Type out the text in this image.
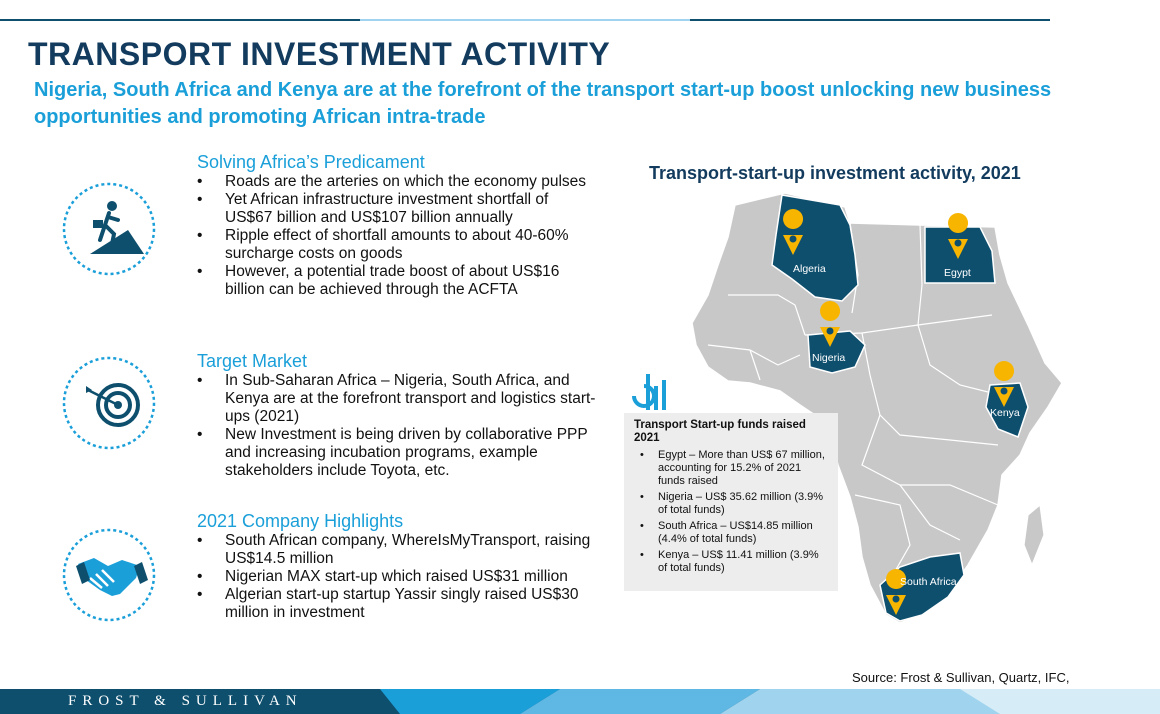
TRANSPORT INVESTMENT ACTIVITY
Nigeria, South Africa and Kenya are at the forefront of the transport start-up boost unlocking new business opportunities and promoting African intra-trade
Solving Africa’s Predicament
• Roads are the arteries on which the economy pulses
• Yet African infrastructure investment shortfall of US$67 billion and US$107 billion annually
• Ripple effect of shortfall amounts to about 40-60% surcharge costs on goods
• However, a potential trade boost of about US$16 billion can be achieved through the ACFTA
Target Market
• In Sub-Saharan Africa – Nigeria, South Africa, and Kenya are at the forefront transport and logistics start-ups (2021)
• New Investment is being driven by collaborative PPP and increasing incubation programs, example stakeholders include Toyota, etc.
2021 Company Highlights
• South African company, WhereIsMyTransport, raising US$14.5 million
• Nigerian MAX start-up which raised US$31 million
• Algerian start-up startup Yassir singly raised US$30 million in investment
Transport-start-up investment activity, 2021
Algeria	Egypt
Nigeria
Kenya
South Africa
Transport Start-up funds raised 2021
• Egypt – More than US$ 67 million, accounting for 15.2% of 2021 funds raised
• Nigeria – US$ 35.62 million (3.9% of total funds)
• South Africa – US$14.85 million (4.4% of total funds)
• Kenya – US$ 11.41 million (3.9% of total funds)
Source: Frost & Sullivan, Quartz, IFC,
FROST & SULLIVAN
